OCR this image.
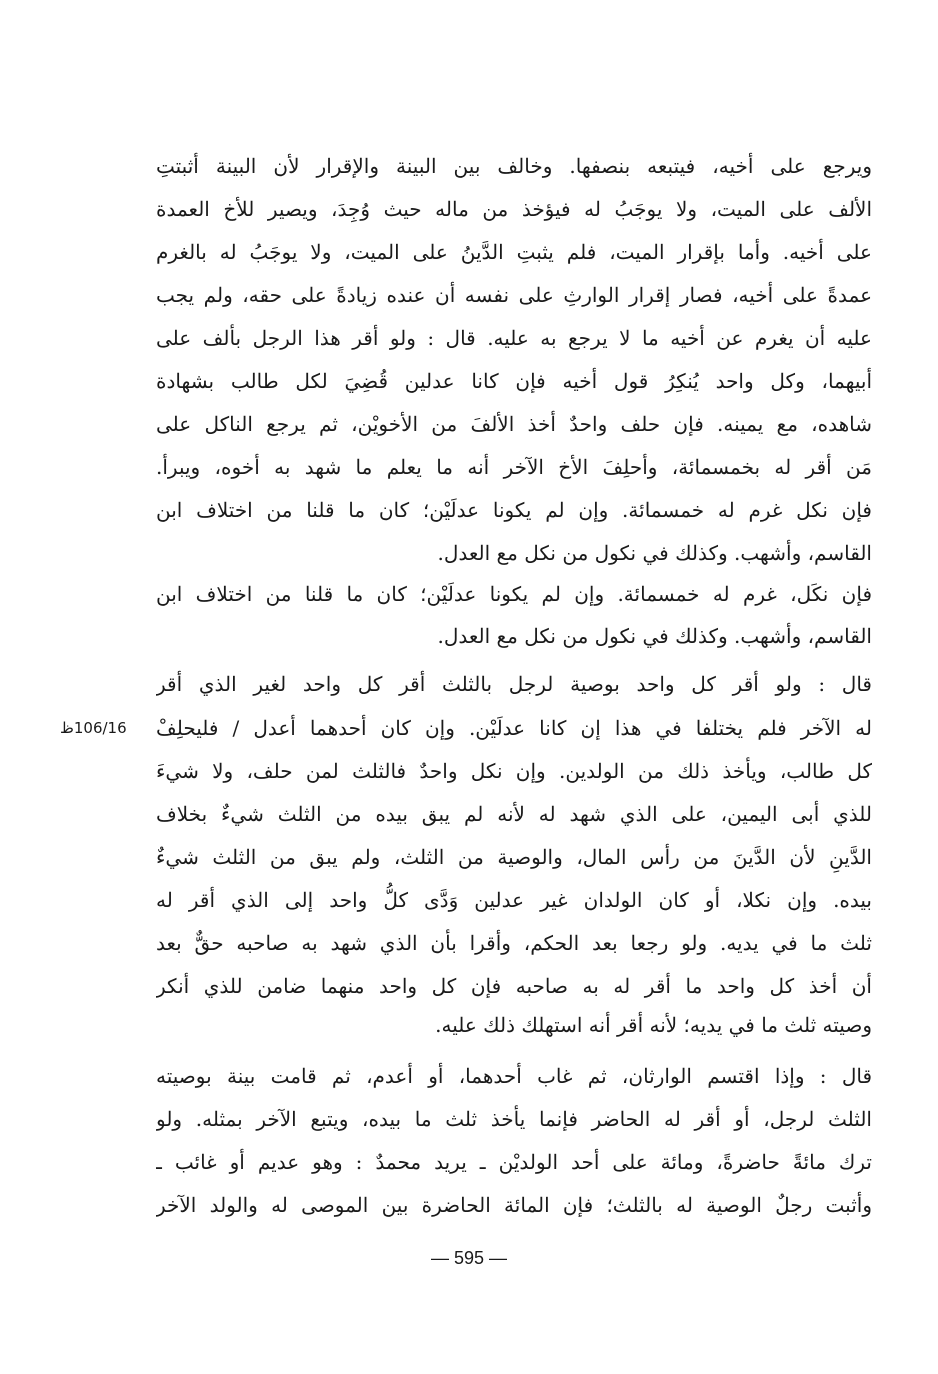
ويرجع على أخيه، فيتبعه بنصفها. وخالف بين البينة والإقرار لأن البينة أثبتتِ
الألف على الميت، ولا يوجَبُ له فيؤخذ من ماله حيث وُجِدَ، ويصير للأخ العمدة
على أخيه. وأما بإقرار الميت، فلم يثبتِ الدَّينُ على الميت، ولا يوجَبُ له بالغرم
عمدةً على أخيه، فصار إقرار الوارثِ على نفسه أن عنده زيادةً على حقه، ولم يجب
عليه أن يغرم عن أخيه ما لا يرجع به عليه. قال : ولو أقر هذا الرجل بألف على
أبيهما، وكل واحد يُنكِرُ قول أخيه فإن كانا عدلين قُضِيَ لكل طالب بشهادة
شاهده، مع يمينه. فإن حلف واحدٌ أخذ الألفَ من الأخويْن، ثم يرجع الناكل على
مَن أقر له بخمسمائة، وأحلِفَ الأخ الآخر أنه ما يعلم ما شهد به أخوه، ويبرأ.
فإن نكل غرم له خمسمائة. وإن لم يكونا عدلَيْن؛ كان ما قلنا من اختلاف ابن
القاسم، وأشهب. وكذلك في نكول من نكل مع العدل.
فإن نكَل، غرم له خمسمائة. وإن لم يكونا عدلَيْن؛ كان ما قلنا من اختلاف ابن
القاسم، وأشهب. وكذلك في نكول من نكل مع العدل.
قال : ولو أقر كل واحد بوصية لرجل بالثلث أقر كل واحد لغير الذي أقر
له الآخر فلم يختلفا في هذا إن كانا عدلَيْن. وإن كان أحدهما أعدل / فليحلِفْ
كل طالب، ويأخذ ذلك من الولدين. وإن نكل واحدٌ فالثلث لمن حلف، ولا شيءَ
للذي أبى اليمين، على الذي شهد له لأنه لم يبق بيده من الثلث شيءٌ بخلاف
الدَّينِ لأن الدَّينَ من رأس المال، والوصية من الثلث، ولم يبق من الثلث شيءٌ
بيده. وإن نكلا، أو كان الولدان غير عدلين وَدَّى كلُّ واحد إلى الذي أقر له
ثلث ما في يديه. ولو رجعا بعد الحكم، وأقرا بأن الذي شهد به صاحبه حقٌّ بعد
أن أخذ كل واحد ما أقر له به صاحبه فإن كل واحد منهما ضامن للذي أنكر
وصيته ثلث ما في يديه؛ لأنه أقر أنه استهلك ذلك عليه.
قال : وإذا اقتسم الوارثان، ثم غاب أحدهما، أو أعدم، ثم قامت بينة بوصيته
الثلث لرجل، أو أقر له الحاضر فإنما يأخذ ثلث ما بيده، ويتبع الآخر بمثله. ولو
ترك مائةً حاضرةً، ومائة على أحد الولديْن ـ يريد محمدٌ : وهو عديم أو غائب ـ
وأثبت رجلٌ الوصية له بالثلث؛ فإن المائة الحاضرة بين الموصى له والولد الآخر
106/16ظ
— 595 —
